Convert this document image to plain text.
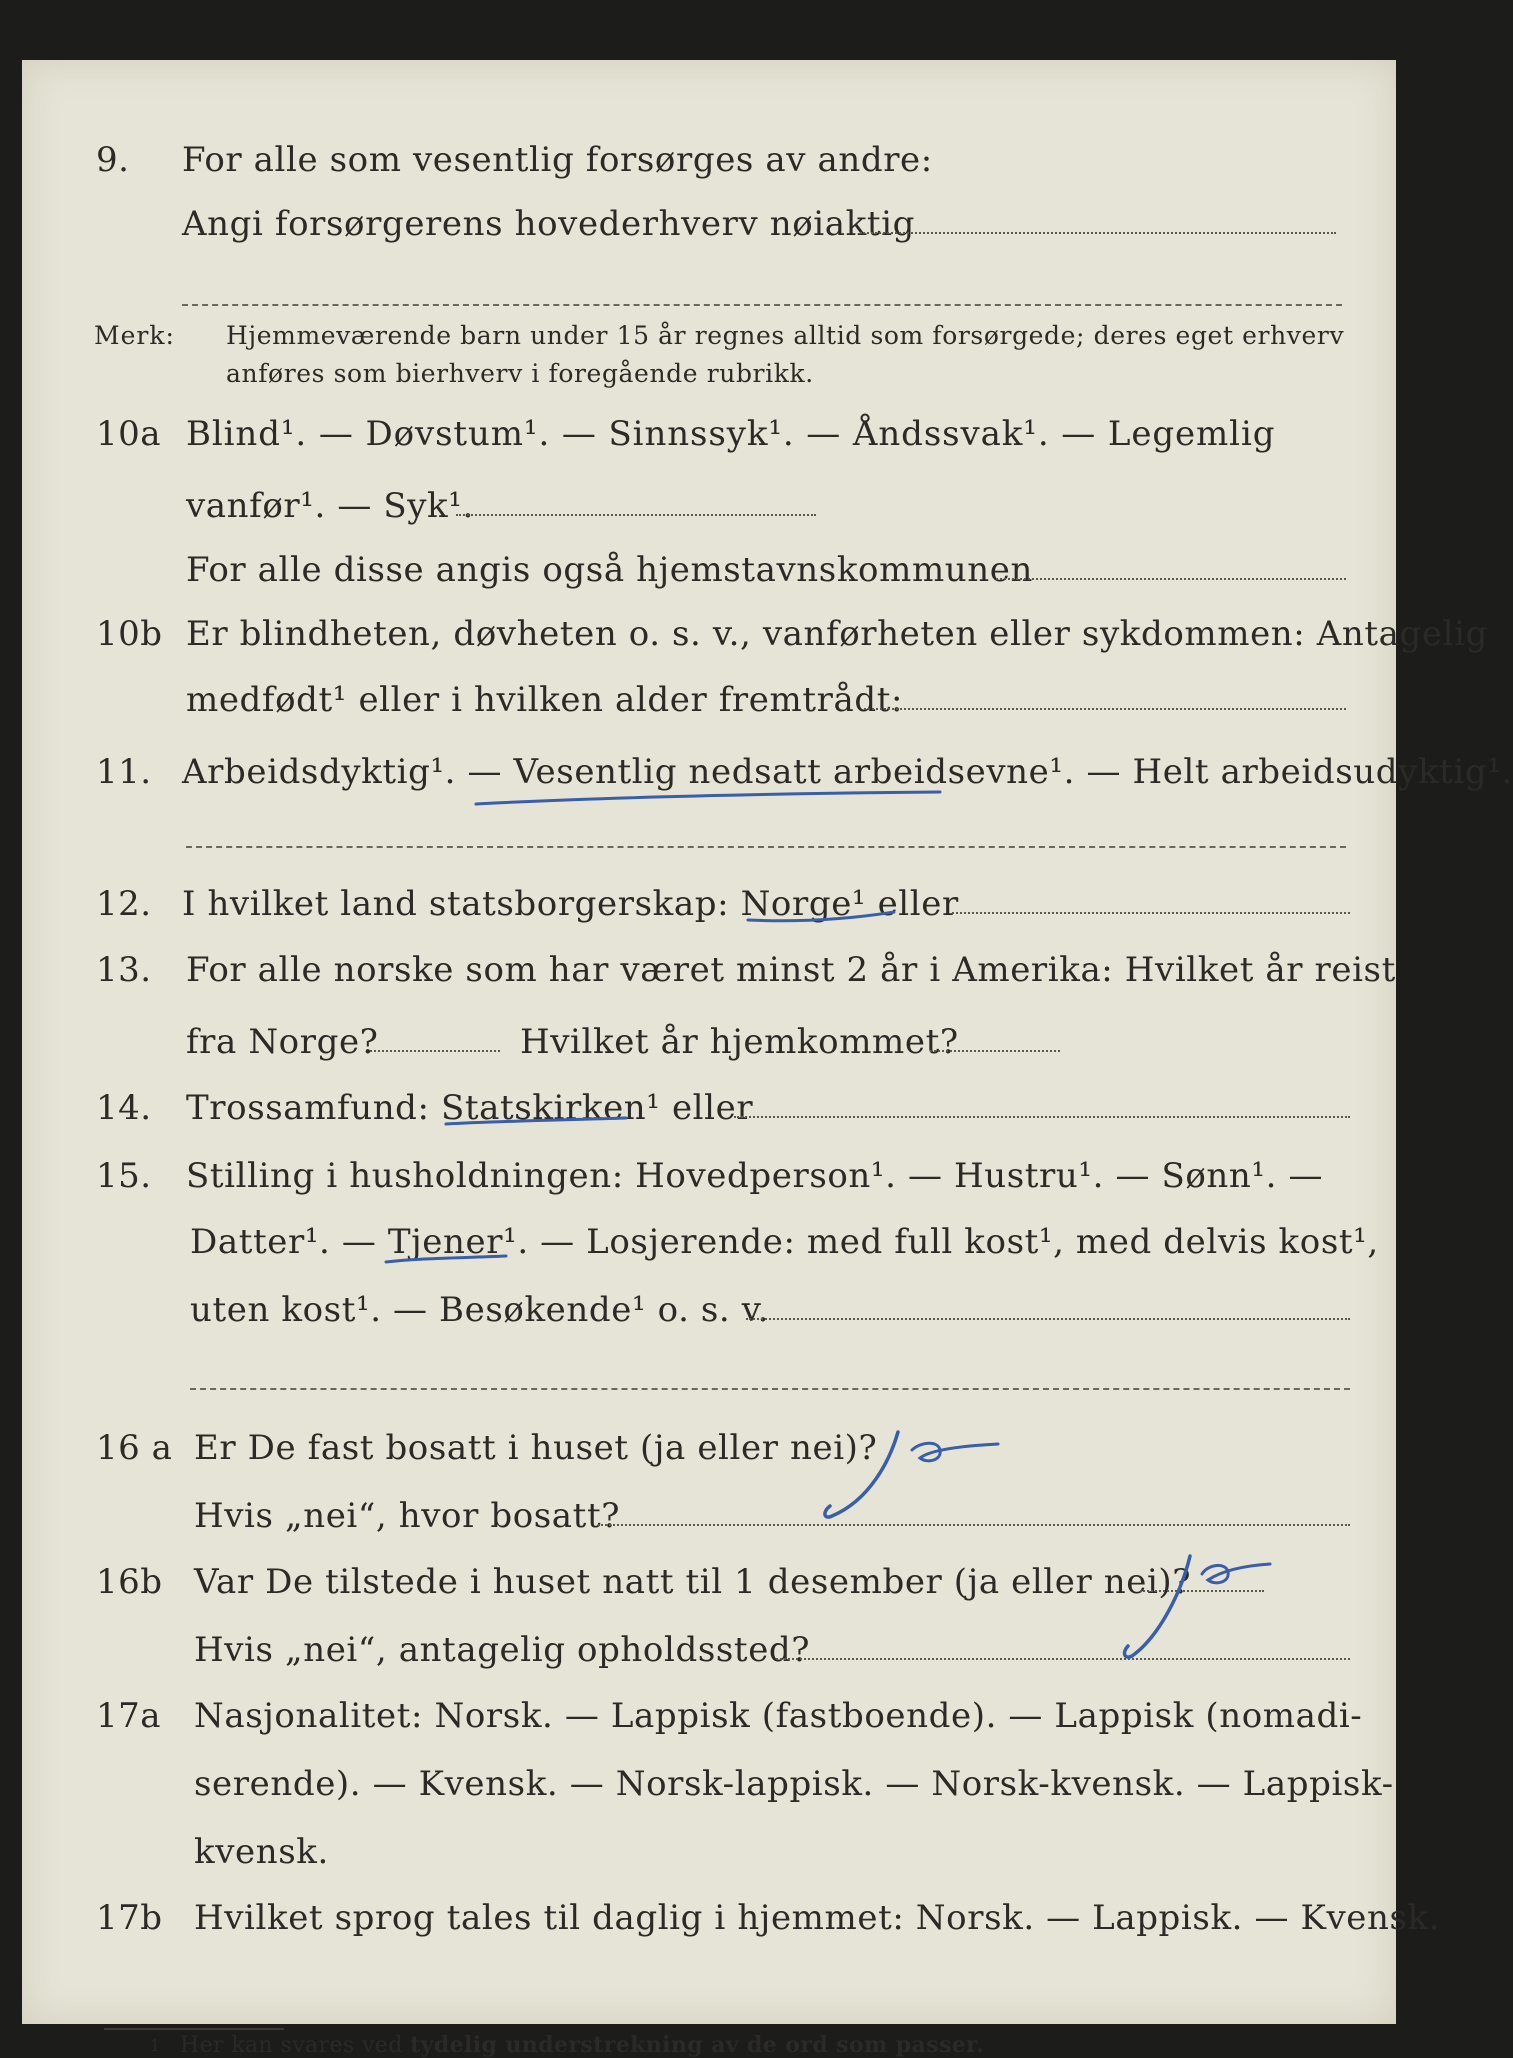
9.	For alle som vesentlig forsørges av andre:
Angi forsørgerens hovederhverv nøiaktig
Merk: Hjemmeværende barn under 15 år regnes alltid som forsørgede; deres eget erhverv
anføres som bierhverv i foregående rubrikk.
10a Blind¹. — Døvstum¹. — Sinnssyk¹. — Åndssvak¹. — Legemlig
vanfør¹. — Syk¹.
For alle disse angis også hjemstavnskommunen
10b Er blindheten, døvheten o. s. v., vanførheten eller sykdommen: Antagelig
medfødt¹ eller i hvilken alder fremtrådt:
11. Arbeidsdyktig¹. — Vesentlig nedsatt arbeidsevne¹. — Helt arbeidsudyktig¹.
12. I hvilket land statsborgerskap: Norge¹ eller
13.	For alle norske som har været minst 2 år i Amerika: Hvilket år reist
fra Norge?	Hvilket år hjemkommet?
14.	Trossamfund: Statskirken¹ eller
15.	Stilling i husholdningen: Hovedperson¹. — Hustru¹. — Sønn¹. —
Datter¹. — Tjener¹. — Losjerende: med full kost¹, med delvis kost¹,
uten kost¹. — Besøkende¹ o. s. v.
16 a Er De fast bosatt i huset (ja eller nei)?
Hvis „nei“, hvor bosatt?
16b Var De tilstede i huset natt til 1 desember (ja eller nei)?
Hvis „nei“, antagelig opholdssted?
17a Nasjonalitet: Norsk. — Lappisk (fastboende). — Lappisk (nomadi-
serende). — Kvensk. — Norsk-lappisk. — Norsk-kvensk. — Lappisk-
kvensk.
17b Hvilket sprog tales til daglig i hjemmet: Norsk. — Lappisk. — Kvensk.
1 Her kan svares ved tydelig understrekning av de ord som passer.
